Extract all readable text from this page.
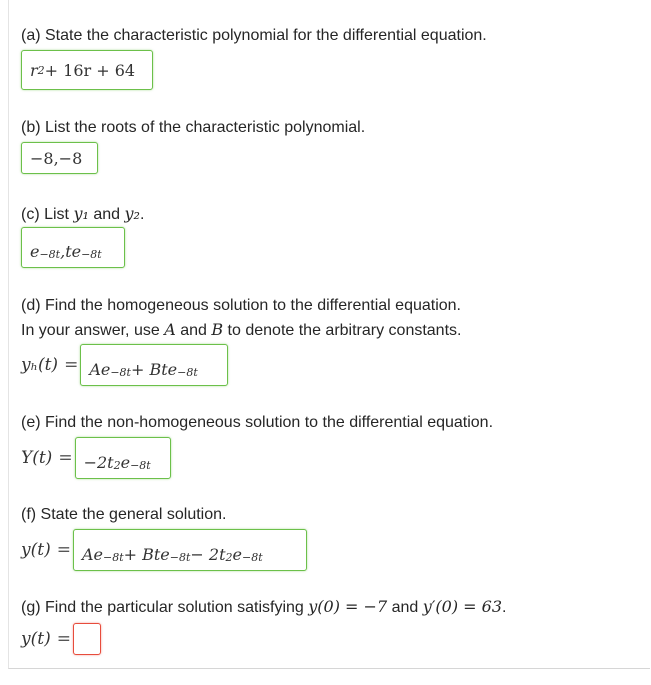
(a) State the characteristic polynomial for the differential equation.
r 2 + 16r + 64
(b) List the roots of the characteristic polynomial.
−8,−8
(c) List y₁ and y₂.
e −8t ,te −8t
(d) Find the homogeneous solution to the differential equation.
In your answer, use A and B to denote the arbitrary constants.
yₕ(t) = Ae −8t + Bte −8t
(e) Find the non-homogeneous solution to the differential equation.
Y(t) = −2t 2 e −8t
(f) State the general solution.
y(t) = Ae −8t + Bte −8t − 2t 2 e −8t
(g) Find the particular solution satisfying y(0) = −7 and y′(0) = 63.
y(t) =
